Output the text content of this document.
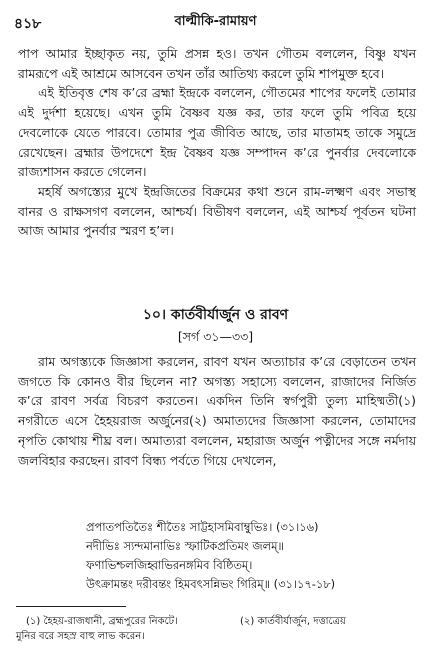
৪১৮	বাল্মীকি-রামায়ণ

পাপ আমার ইচ্ছাকৃত নয়, তুমি প্রসন্ন হও। তখন গৌতম বললেন, বিষ্ণু যখন রামরূপে এই আশ্রমে আসবেন তখন তাঁর আতিথ্য করলে তুমি শাপমুক্ত হবে।

এই ইতিবৃত্ত শেষ ক’রে ব্রহ্মা ইন্দ্রকে বললেন, গৌতমের শাপের ফলেই তোমার এই দুর্দশা হয়েছে। এখন তুমি বৈষ্ণব যজ্ঞ কর, তার ফলে তুমি পবিত্র হয়ে দেবলোকে যেতে পারবে। তোমার পুত্র জীবিত আছে, তার মাতামহ তাকে সমুদ্রে রেখেছেন। ব্রহ্মার উপদেশে ইন্দ্র বৈষ্ণব যজ্ঞ সম্পাদন ক’রে পুনর্বার দেবলোকে রাজ্যশাসন করতে গেলেন।

মহর্ষি অগস্ত্যের মুখে ইন্দ্রজিতের বিক্রমের কথা শুনে রাম-লক্ষ্মণ এবং সভাস্থ বানর ও রাক্ষসগণ বললেন, আশ্চর্য। বিভীষণ বললেন, এই আশ্চর্য পূর্বতন ঘটনা আজ আমার পুনর্বার স্মরণ হ’ল।

১০। কার্তবীর্যার্জুন ও রাবণ
[সর্গ ৩১—৩৩]

রাম অগস্ত্যকে জিজ্ঞাসা করলেন, রাবণ যখন অত্যাচার ক’রে বেড়াতেন তখন জগতে কি কোনও বীর ছিলেন না? অগস্ত্য সহাস্যে বললেন, রাজাদের নির্জিত ক’রে রাবণ সর্বত্র বিচরণ করতেন। একদিন তিনি স্বর্গপুরী তুল্য মাহিষ্মতী(১) নগরীতে এসে হৈহয়রাজ অর্জুনের(২) অমাত্যদের জিজ্ঞাসা করলেন, তোমাদের নৃপতি কোথায় শীঘ্র বল। অমাত্যরা বললেন, মহারাজ অর্জুন পত্নীদের সঙ্গে নর্মদায় জলবিহার করছেন। রাবণ বিন্ধ্য পর্বতে গিয়ে দেখলেন,

প্রপাতপতিতৈঃ শীতৈঃ সাট্টহাসমিবাম্বুভিঃ। (৩১।১৬)
নদীভিঃ স্যন্দমানাভিঃ স্ফাটিকপ্রতিমং জলম্॥
ফণাভিশ্চলজিহ্বাভিরনঙ্গমিব বিষ্ঠিতম্।
উৎক্রামন্তং দরীবন্তং হিমবৎসন্নিভং গিরিম্॥ (৩১।১৭-১৮)
(১) হৈহয়-রাজধানী, ব্রহ্মপুরের নিকটে।	(২) কার্তবীর্যার্জুন, দত্তাত্রেয়
মুনির বরে সহস্র বাহু লাভ করেন।
